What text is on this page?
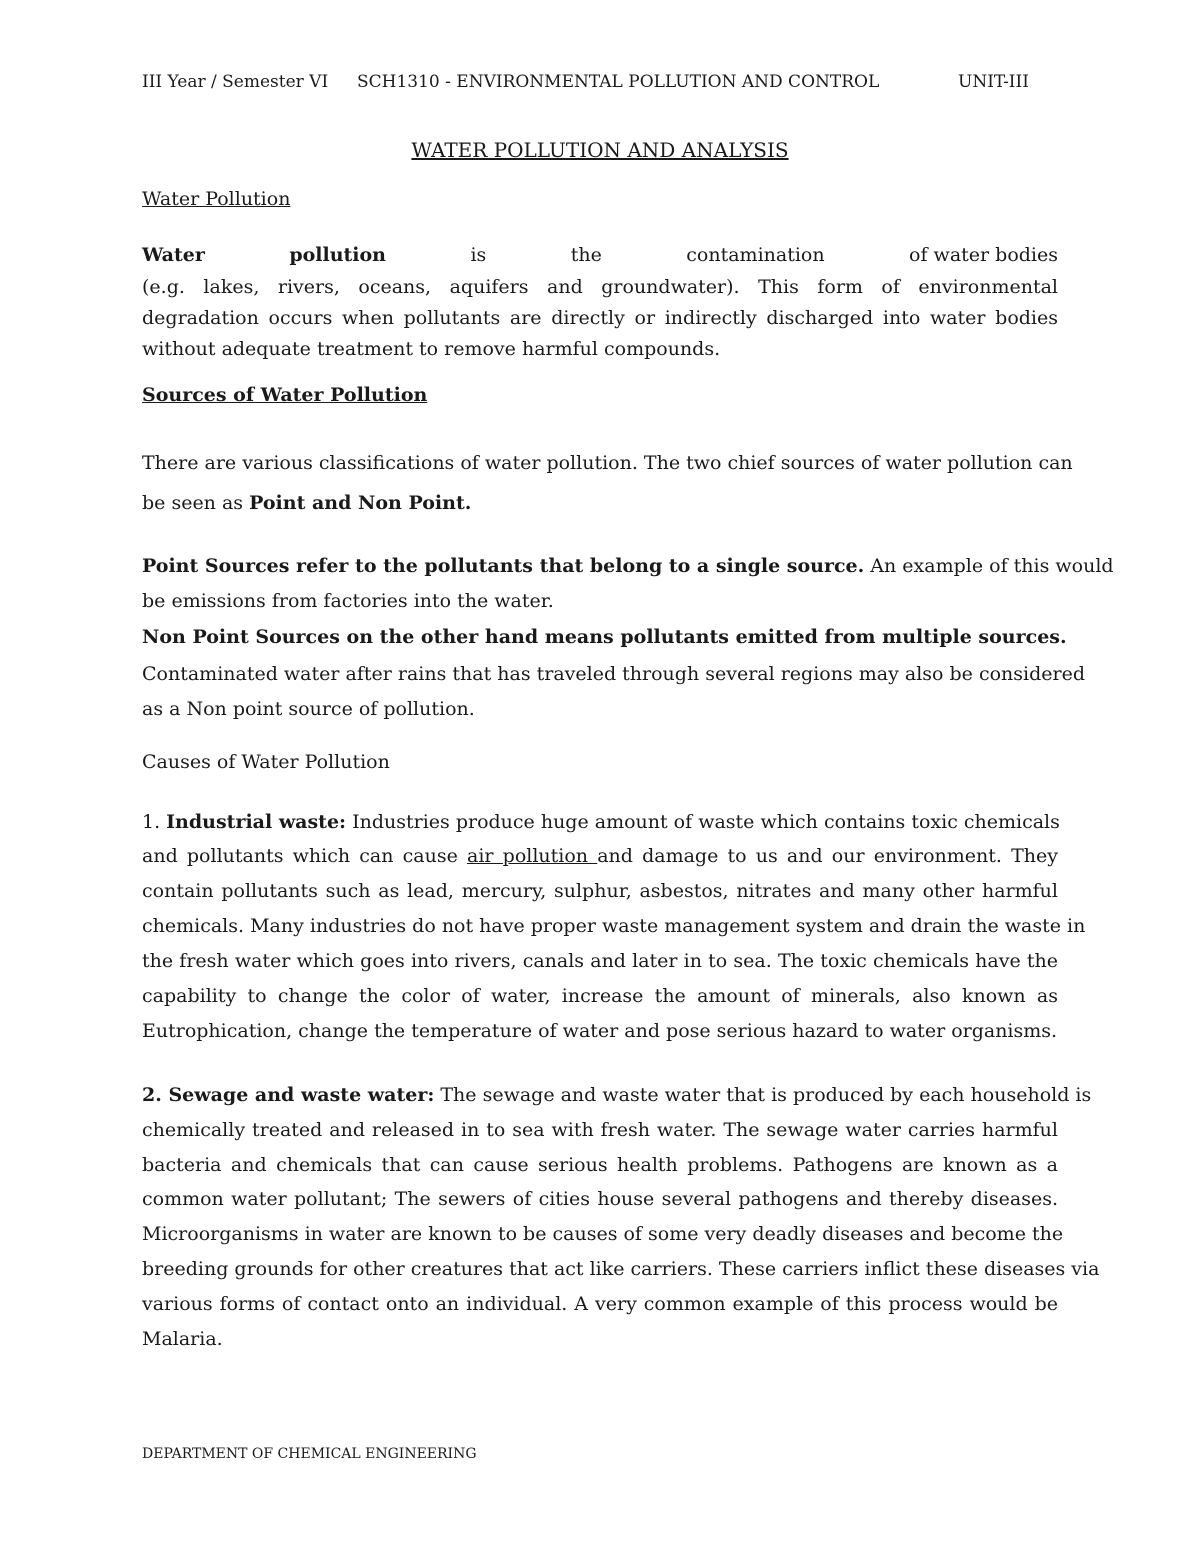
III Year / Semester VI SCH1310 - ENVIRONMENTAL POLLUTION AND CONTROL	UNIT-III
WATER POLLUTION AND ANALYSIS
Water Pollution
Water	pollution	is	the	contamination	of water bodies
(e.g. lakes, rivers, oceans, aquifers and groundwater). This form of environmental
degradation occurs when pollutants are directly or indirectly discharged into water bodies
without adequate treatment to remove harmful compounds.
Sources of Water Pollution
There are various classifications of water pollution. The two chief sources of water pollution can
be seen as Point and Non Point.
Point Sources refer to the pollutants that belong to a single source. An example of this would
be emissions from factories into the water.
Non Point Sources on the other hand means pollutants emitted from multiple sources.
Contaminated water after rains that has traveled through several regions may also be considered
as a Non point source of pollution.
Causes of Water Pollution
1. Industrial waste: Industries produce huge amount of waste which contains toxic chemicals
and pollutants which can cause air pollution and damage to us and our environment. They
contain pollutants such as lead, mercury, sulphur, asbestos, nitrates and many other harmful
chemicals. Many industries do not have proper waste management system and drain the waste in
the fresh water which goes into rivers, canals and later in to sea. The toxic chemicals have the
capability to change the color of water, increase the amount of minerals, also known as
Eutrophication, change the temperature of water and pose serious hazard to water organisms.
2. Sewage and waste water: The sewage and waste water that is produced by each household is
chemically treated and released in to sea with fresh water. The sewage water carries harmful
bacteria and chemicals that can cause serious health problems. Pathogens are known as a
common water pollutant; The sewers of cities house several pathogens and thereby diseases.
Microorganisms in water are known to be causes of some very deadly diseases and become the
breeding grounds for other creatures that act like carriers. These carriers inflict these diseases via
various forms of contact onto an individual. A very common example of this process would be
Malaria.
DEPARTMENT OF CHEMICAL ENGINEERING
